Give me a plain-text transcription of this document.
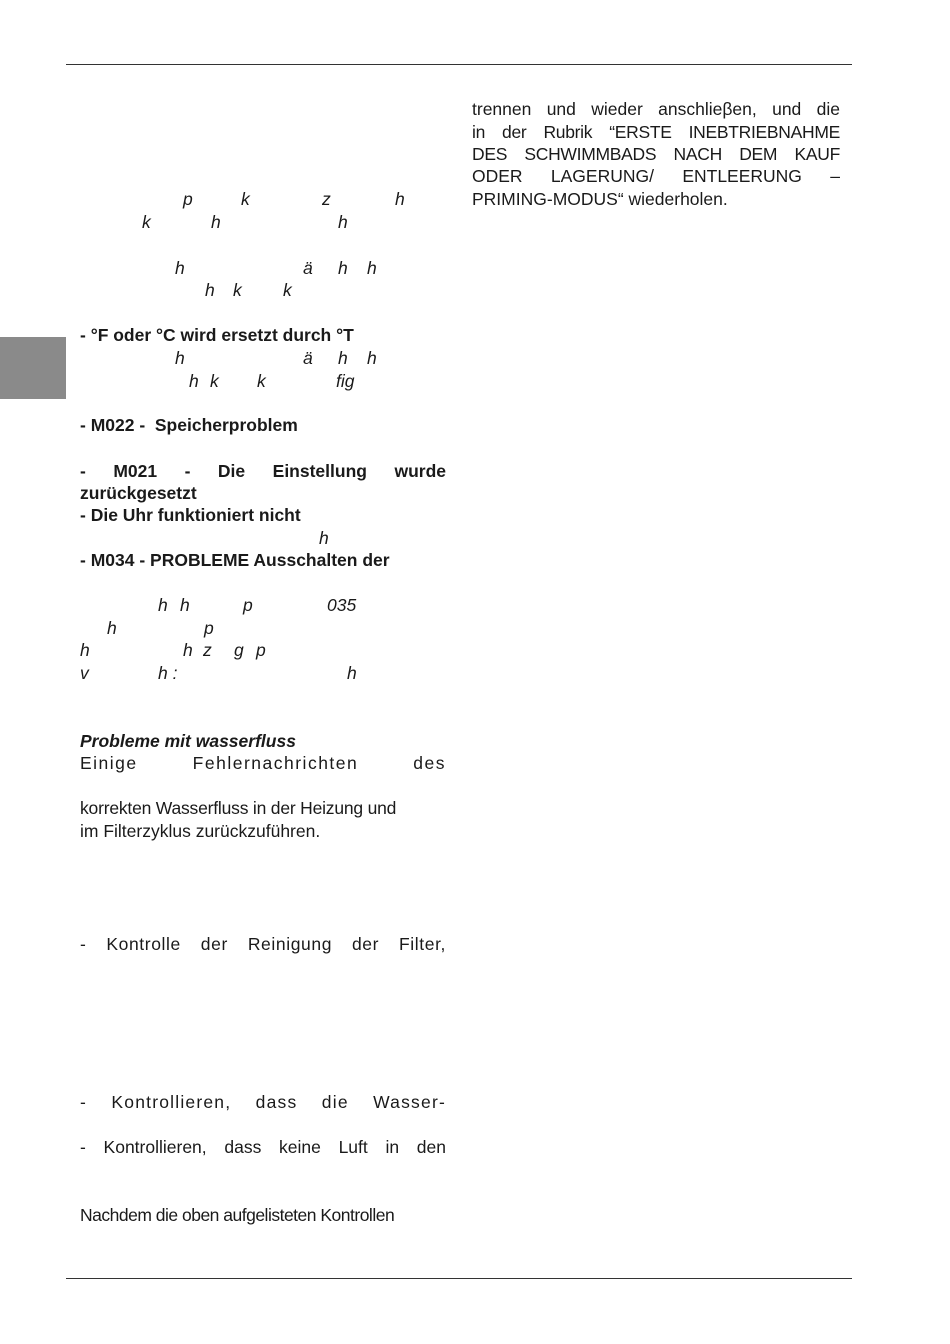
trennen und wieder anschlieβen, und die
in der Rubrik “ERSTE INEBTRIEBNAHME
DES SCHWIMMBADS NACH DEM KAUF
ODER LAGERUNG/ ENTLEERUNG –
PRIMING-MODUS“ wiederholen.
p	k	z	h
k	h	h
h	ä h h
h k k
- °F oder °C wird ersetzt durch °T
h	ä h h
h k k	fig
- M022 -  Speicherproblem
- M021 - Die Einstellung wurde
zurückgesetzt
- Die Uhr funktioniert nicht
h
- M034 - PROBLEME Ausschalten der
h h	p	035
h	p
h	h z g p
v	h :	h
Probleme mit wasserfluss
Einige Fehlernachrichten des
korrekten Wasserfluss in der Heizung und
im Filterzyklus zurückzuführen.
- Kontrolle der Reinigung der Filter,
- Kontrollieren, dass die Wasser-
- Kontrollieren, dass keine Luft in den
Nachdem die oben aufgelisteten Kontrollen
